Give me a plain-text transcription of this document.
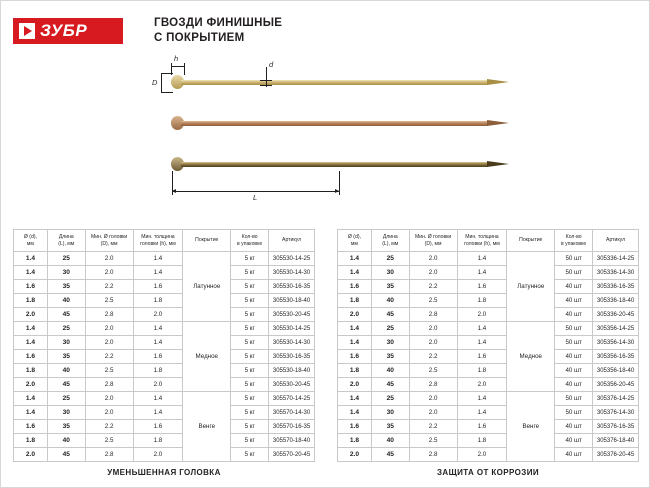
ЗУБР	ГВОЗДИ ФИНИШНЫЕ
С ПОКРЫТИЕМ
D
h
d
L
Ø (d),
мм	Длина
(L), мм	Мин. Ø головки
(D), мм	Мин. толщина
головки (h), мм	Покрытие	Кол-во
в упаковке	Артикул
1.4	25	2.0	1.4	Латунное	5 кг	305530-14-25
1.4	30	2.0	1.4		5 кг	305530-14-30
1.6	35	2.2	1.6		5 кг	305530-16-35
1.8	40	2.5	1.8		5 кг	305530-18-40
2.0	45	2.8	2.0		5 кг	305530-20-45
1.4	25	2.0	1.4	Медное	5 кг	305530-14-25
1.4	30	2.0	1.4		5 кг	305530-14-30
1.6	35	2.2	1.6		5 кг	305530-16-35
1.8	40	2.5	1.8		5 кг	305530-18-40
2.0	45	2.8	2.0		5 кг	305530-20-45
1.4	25	2.0	1.4	Венге	5 кг	305570-14-25
1.4	30	2.0	1.4		5 кг	305570-14-30
1.6	35	2.2	1.6		5 кг	305570-16-35
1.8	40	2.5	1.8		5 кг	305570-18-40
2.0	45	2.8	2.0		5 кг	305570-20-45
Ø (d),
мм	Длина
(L), мм	Мин. Ø головки
(D), мм	Мин. толщина
головки (h), мм	Покрытие	Кол-во
в упаковке	Артикул
1.4	25	2.0	1.4	Латунное	50 шт	305336-14-25
1.4	30	2.0	1.4		50 шт	305336-14-30
1.6	35	2.2	1.6		40 шт	305336-16-35
1.8	40	2.5	1.8		40 шт	305336-18-40
2.0	45	2.8	2.0		40 шт	305336-20-45
1.4	25	2.0	1.4	Медное	50 шт	305356-14-25
1.4	30	2.0	1.4		50 шт	305356-14-30
1.6	35	2.2	1.6		40 шт	305356-16-35
1.8	40	2.5	1.8		40 шт	305356-18-40
2.0	45	2.8	2.0		40 шт	305356-20-45
1.4	25	2.0	1.4	Венге	50 шт	305376-14-25
1.4	30	2.0	1.4		50 шт	305376-14-30
1.6	35	2.2	1.6		40 шт	305376-16-35
1.8	40	2.5	1.8		40 шт	305376-18-40
2.0	45	2.8	2.0		40 шт	305376-20-45
УМЕНЬШЕННАЯ ГОЛОВКА	ЗАЩИТА ОТ КОРРОЗИИ
